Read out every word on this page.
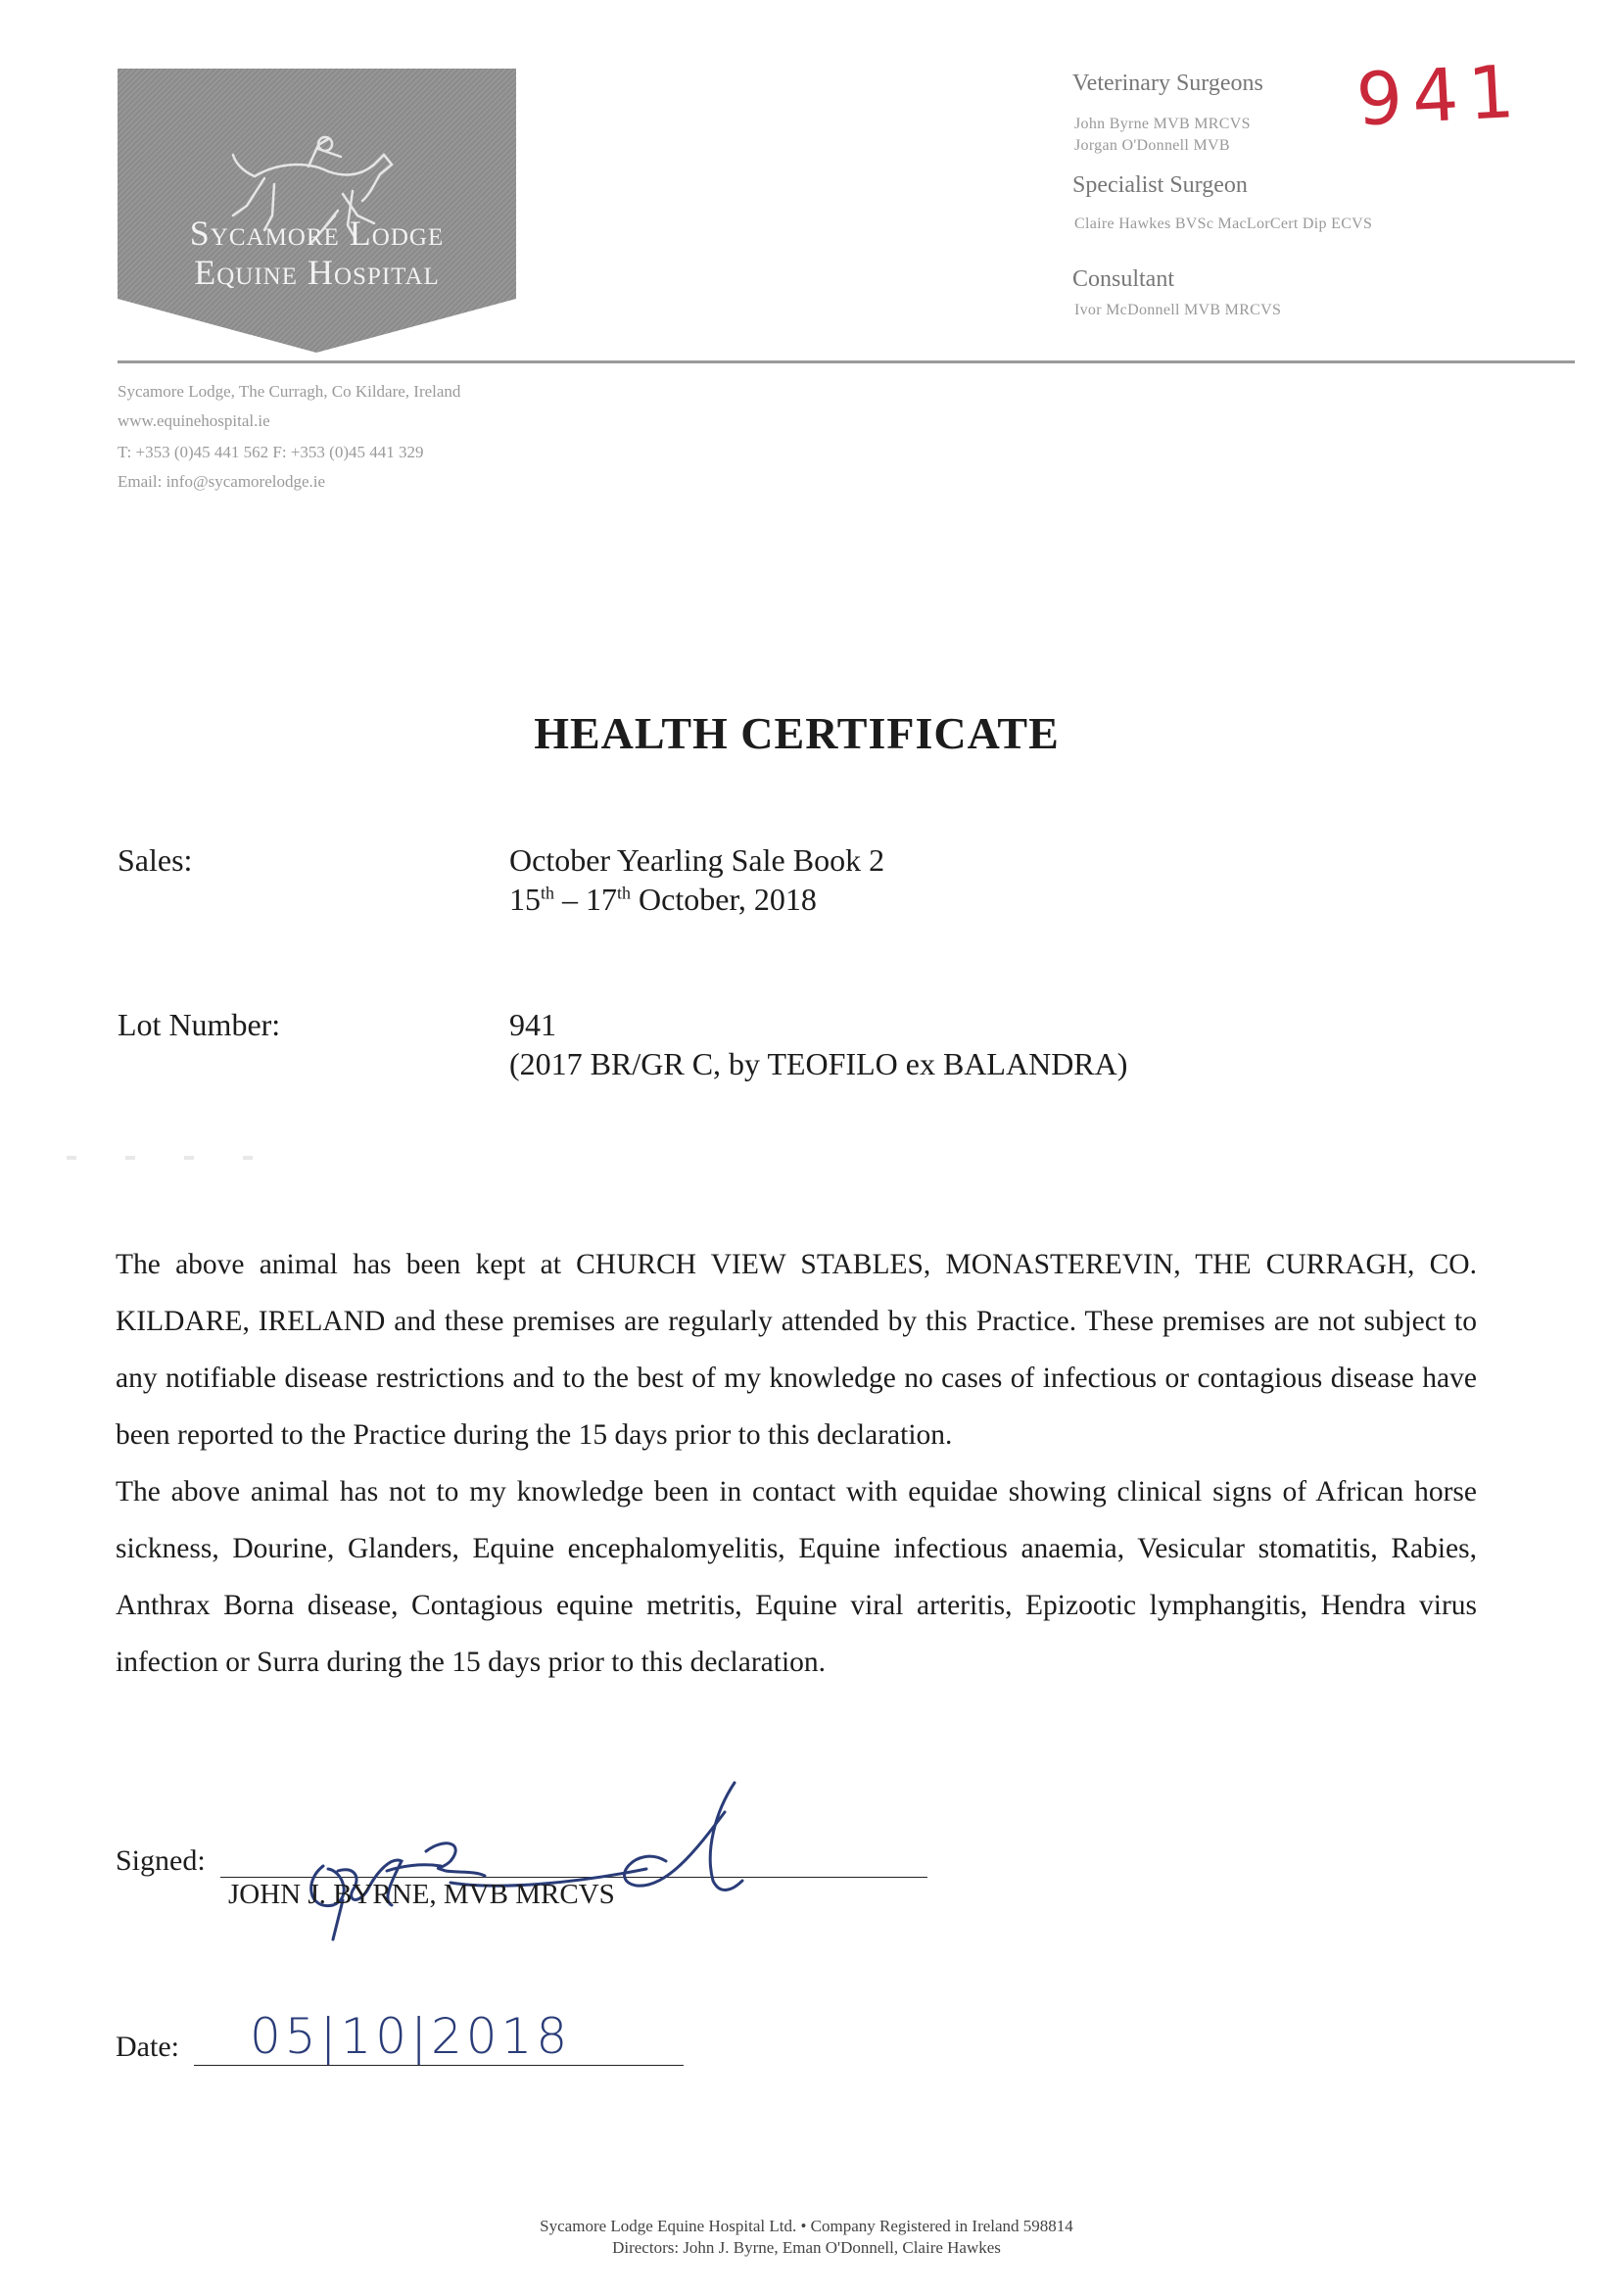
Sycamore Lodge
Equine Hospital
Veterinary Surgeons
John Byrne MVB MRCVS
Jorgan O'Donnell MVB
Specialist Surgeon
Claire Hawkes BVSc MacLorCert Dip ECVS
Consultant
Ivor McDonnell MVB MRCVS
941
Sycamore Lodge, The Curragh, Co Kildare, Ireland
www.equinehospital.ie
T: +353 (0)45 441 562 F: +353 (0)45 441 329
Email: info@sycamorelodge.ie
HEALTH CERTIFICATE
Sales:	October Yearling Sale Book 2
15th – 17th October, 2018
Lot Number:	941
(2017 BR/GR C, by TEOFILO ex BALANDRA)

The above animal has been kept at CHURCH VIEW STABLES, MONASTEREVIN, THE CURRAGH, CO. KILDARE, IRELAND and these premises are regularly attended by this Practice. These premises are not subject to any notifiable disease restrictions and to the best of my knowledge no cases of infectious or contagious disease have been reported to the Practice during the 15 days prior to this declaration.

The above animal has not to my knowledge been in contact with equidae showing clinical signs of African horse sickness, Dourine, Glanders, Equine encephalomyelitis, Equine infectious anaemia, Vesicular stomatitis, Rabies, Anthrax Borna disease, Contagious equine metritis, Equine viral arteritis, Epizootic lymphangitis, Hendra virus infection or Surra during the 15 days prior to this declaration.

Signed:
JOHN J. BYRNE, MVB MRCVS
Date: 05|10|2018
Sycamore Lodge Equine Hospital Ltd. • Company Registered in Ireland 598814
Directors: John J. Byrne, Eman O'Donnell, Claire Hawkes
